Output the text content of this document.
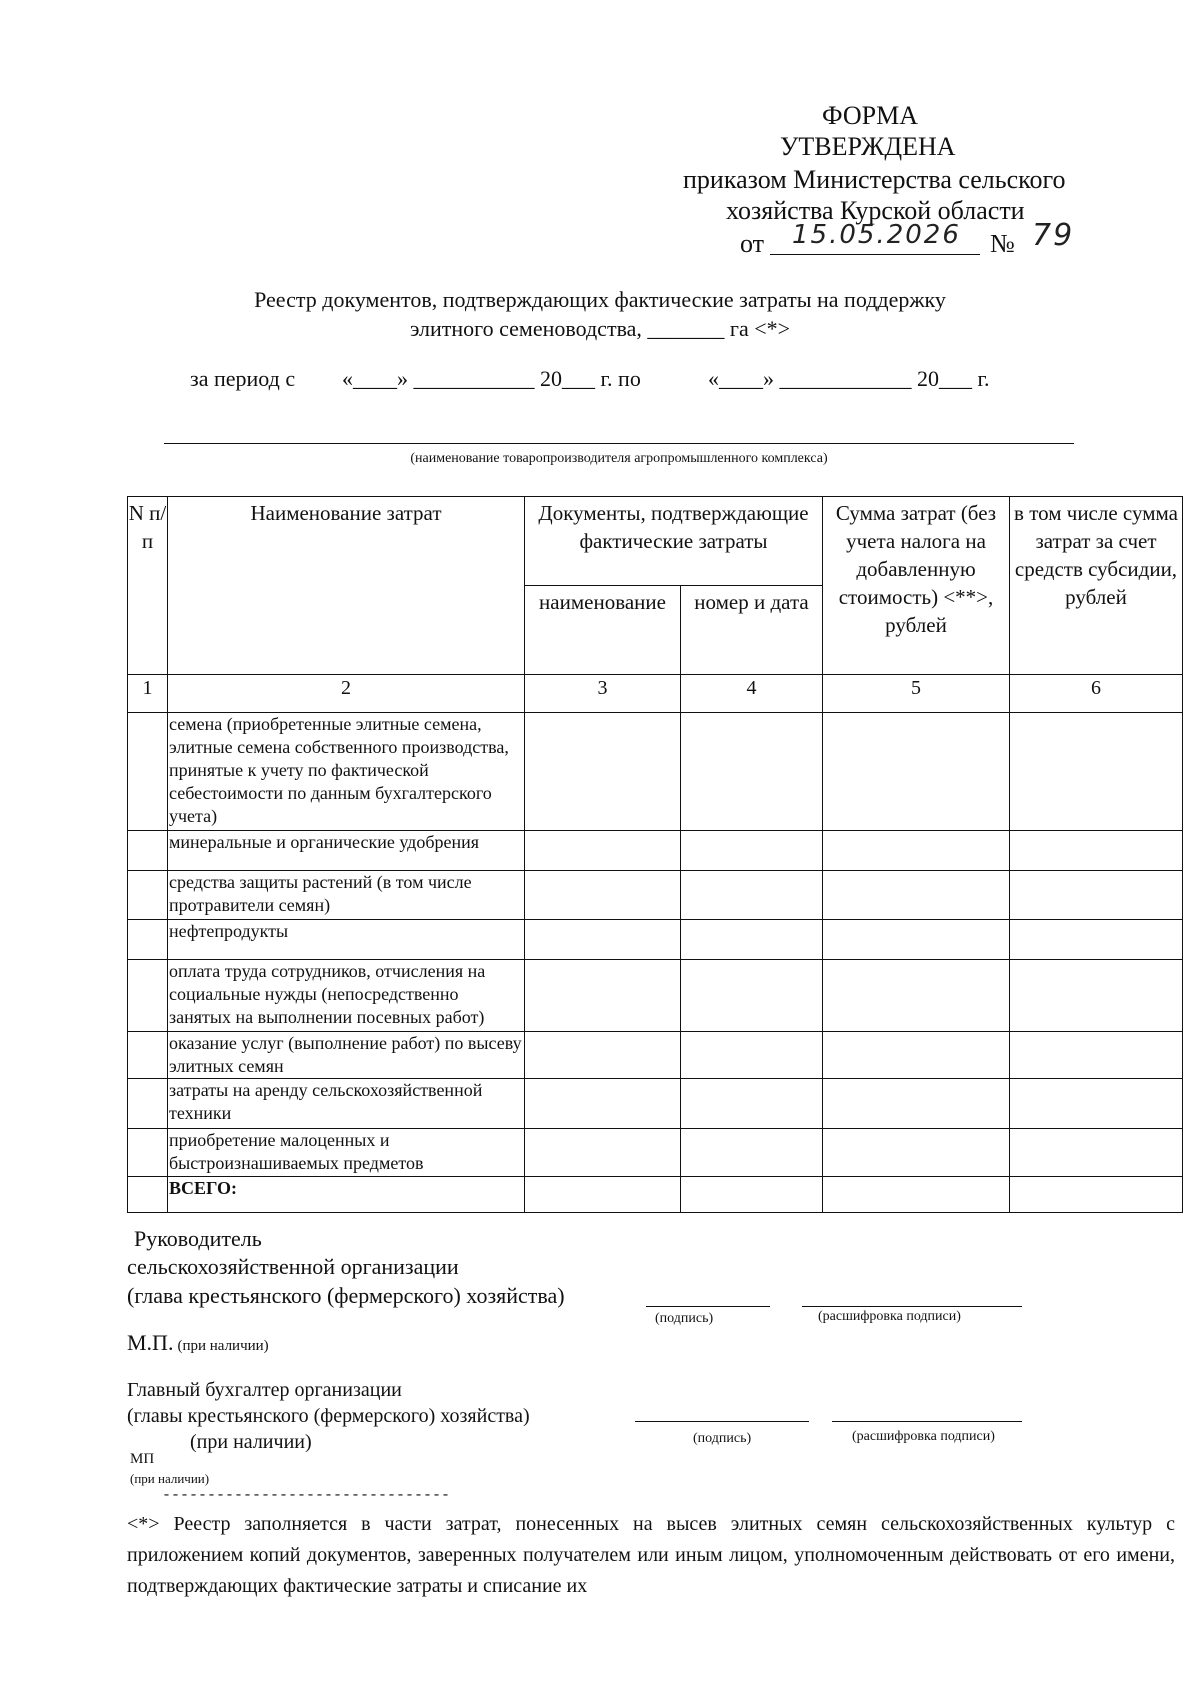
ФОРМА
УТВЕРЖДЕНА
приказом Министерства сельского
хозяйства Курской области
от 15.05.2026 № 79
Реестр документов, подтверждающих фактические затраты на поддержку
элитного семеноводства, _______ га <*>
за период с «____» ___________ 20___ г. по	«____» ____________ 20___ г.
(наименование товаропроизводителя агропромышленного комплекса)
N п/п	Наименование затрат	Документы, подтверждающие фактические затраты		Сумма затрат (без учета налога на добавленную стоимость) <**>, рублей	в том числе сумма затрат за счет средств субсидии, рублей
		наименование	номер и дата		
1	2	3	4	5	6
	семена (приобретенные элитные семена, элитные семена собственного производства, принятые к учету по фактической себестоимости по данным бухгалтерского учета)				
	минеральные и органические удобрения				
	средства защиты растений (в том числе протравители семян)				
	нефтепродукты				
	оплата труда сотрудников, отчисления на социальные нужды (непосредственно занятых на выполнении посевных работ)				
	оказание услуг (выполнение работ) по высеву элитных семян				
	затраты на аренду сельскохозяйственной техники				
	приобретение малоценных и быстроизнашиваемых предметов				
	ВСЕГО:				
Руководитель
сельскохозяйственной организации
(глава крестьянского (фермерского) хозяйства)
(подпись)	(расшифровка подписи)
М.П. (при наличии)
Главный бухгалтер организации
(главы крестьянского (фермерского) хозяйства)
(при наличии)	(подпись)	(расшифровка подписи)
МП
(при наличии)
--------------------------------
<*> Реестр заполняется в части затрат, понесенных на высев элитных семян сельскохозяйственных культур с приложением копий документов, заверенных получателем или иным лицом, уполномоченным действовать от его имени, подтверждающих фактические затраты и списание их
